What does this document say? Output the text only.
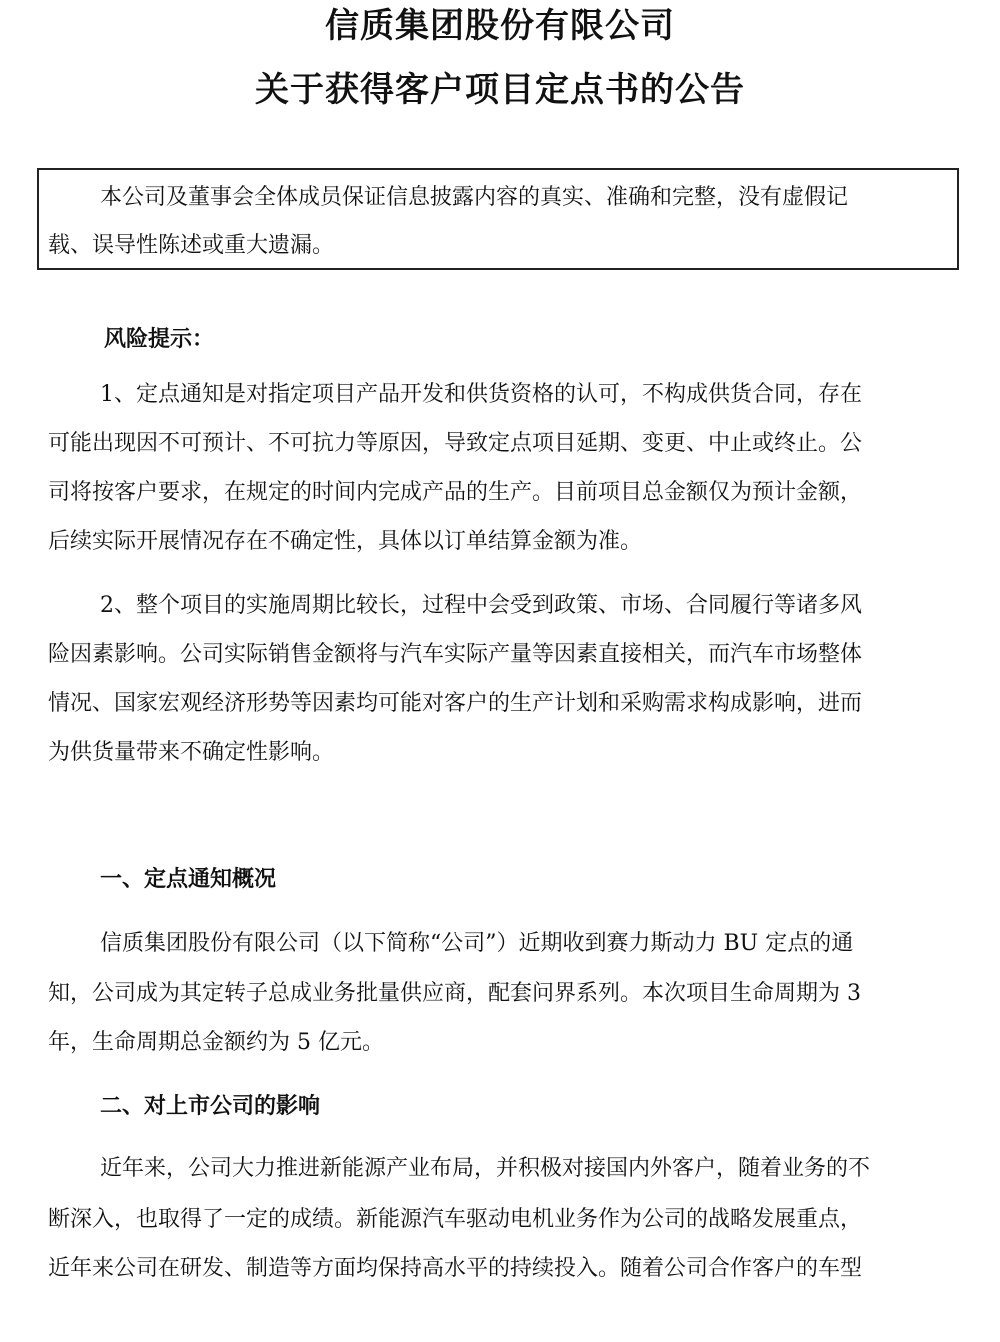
信质集团股份有限公司
关于获得客户项目定点书的公告

本公司及董事会全体成员保证信息披露内容的真实、准确和完整，没有虚假记

载、误导性陈述或重大遗漏。

风险提示：

1、定点通知是对指定项目产品开发和供货资格的认可，不构成供货合同，存在

可能出现因不可预计、不可抗力等原因，导致定点项目延期、变更、中止或终止。公

司将按客户要求，在规定的时间内完成产品的生产。目前项目总金额仅为预计金额，

后续实际开展情况存在不确定性，具体以订单结算金额为准。

2、整个项目的实施周期比较长，过程中会受到政策、市场、合同履行等诸多风

险因素影响。公司实际销售金额将与汽车实际产量等因素直接相关，而汽车市场整体

情况、国家宏观经济形势等因素均可能对客户的生产计划和采购需求构成影响，进而

为供货量带来不确定性影响。

一、定点通知概况

信质集团股份有限公司（以下简称“公司”）近期收到赛力斯动力 BU 定点的通

知，公司成为其定转子总成业务批量供应商，配套问界系列。本次项目生命周期为 3

年，生命周期总金额约为 5 亿元。

二、对上市公司的影响

近年来，公司大力推进新能源产业布局，并积极对接国内外客户，随着业务的不

断深入，也取得了一定的成绩。新能源汽车驱动电机业务作为公司的战略发展重点，

近年来公司在研发、制造等方面均保持高水平的持续投入。随着公司合作客户的车型
